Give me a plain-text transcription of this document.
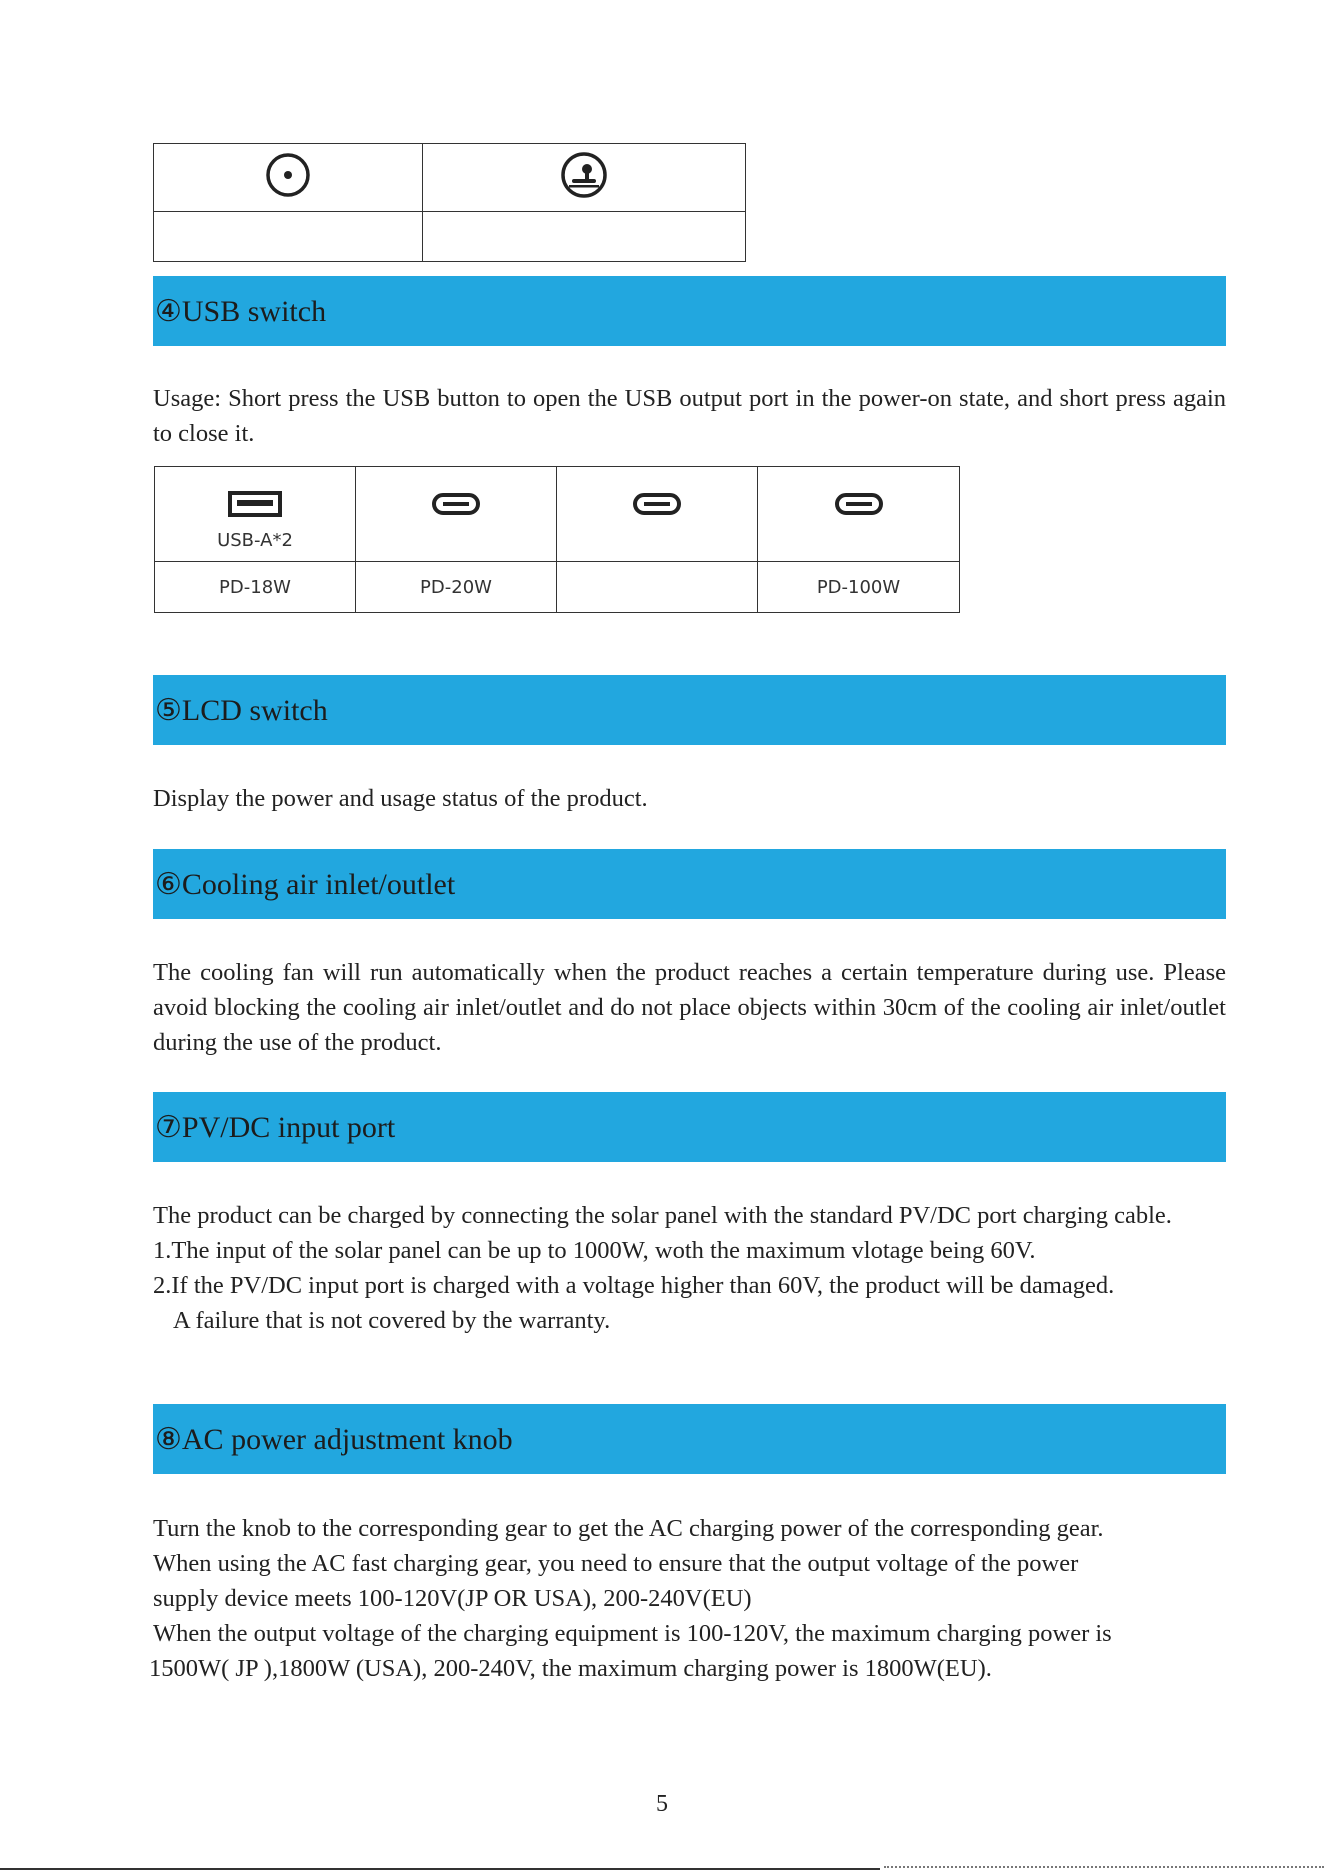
④USB switch
Usage: Short press the USB button to open the USB output port in the power-on state, and short press again to close it.
USB-A*2

PD-18W	PD-20W		PD-100W
⑤LCD switch
Display the power and usage status of the product.
⑥Cooling air inlet/outlet
The cooling fan will run automatically when the product reaches a certain temperature during use. Please avoid blocking the cooling air inlet/outlet and do not place objects within 30cm of the cooling air inlet/outlet during the use of the product.
⑦PV/DC input port
The product can be charged by connecting the solar panel with the standard PV/DC port charging cable.
1.The input of the solar panel can be up to 1000W, woth the maximum vlotage being 60V.
2.If the PV/DC input port is charged with a voltage higher than 60V, the product will be damaged.
A failure that is not covered by the warranty.
⑧AC power adjustment knob
Turn the knob to the corresponding gear to get the AC charging power of the corresponding gear.
When using the AC fast charging gear, you need to ensure that the output voltage of the power
supply device meets 100-120V(JP OR USA), 200-240V(EU)
When the output voltage of the charging equipment is 100-120V, the maximum charging power is
1500W( JP ),1800W (USA), 200-240V, the maximum charging power is 1800W(EU).
5
